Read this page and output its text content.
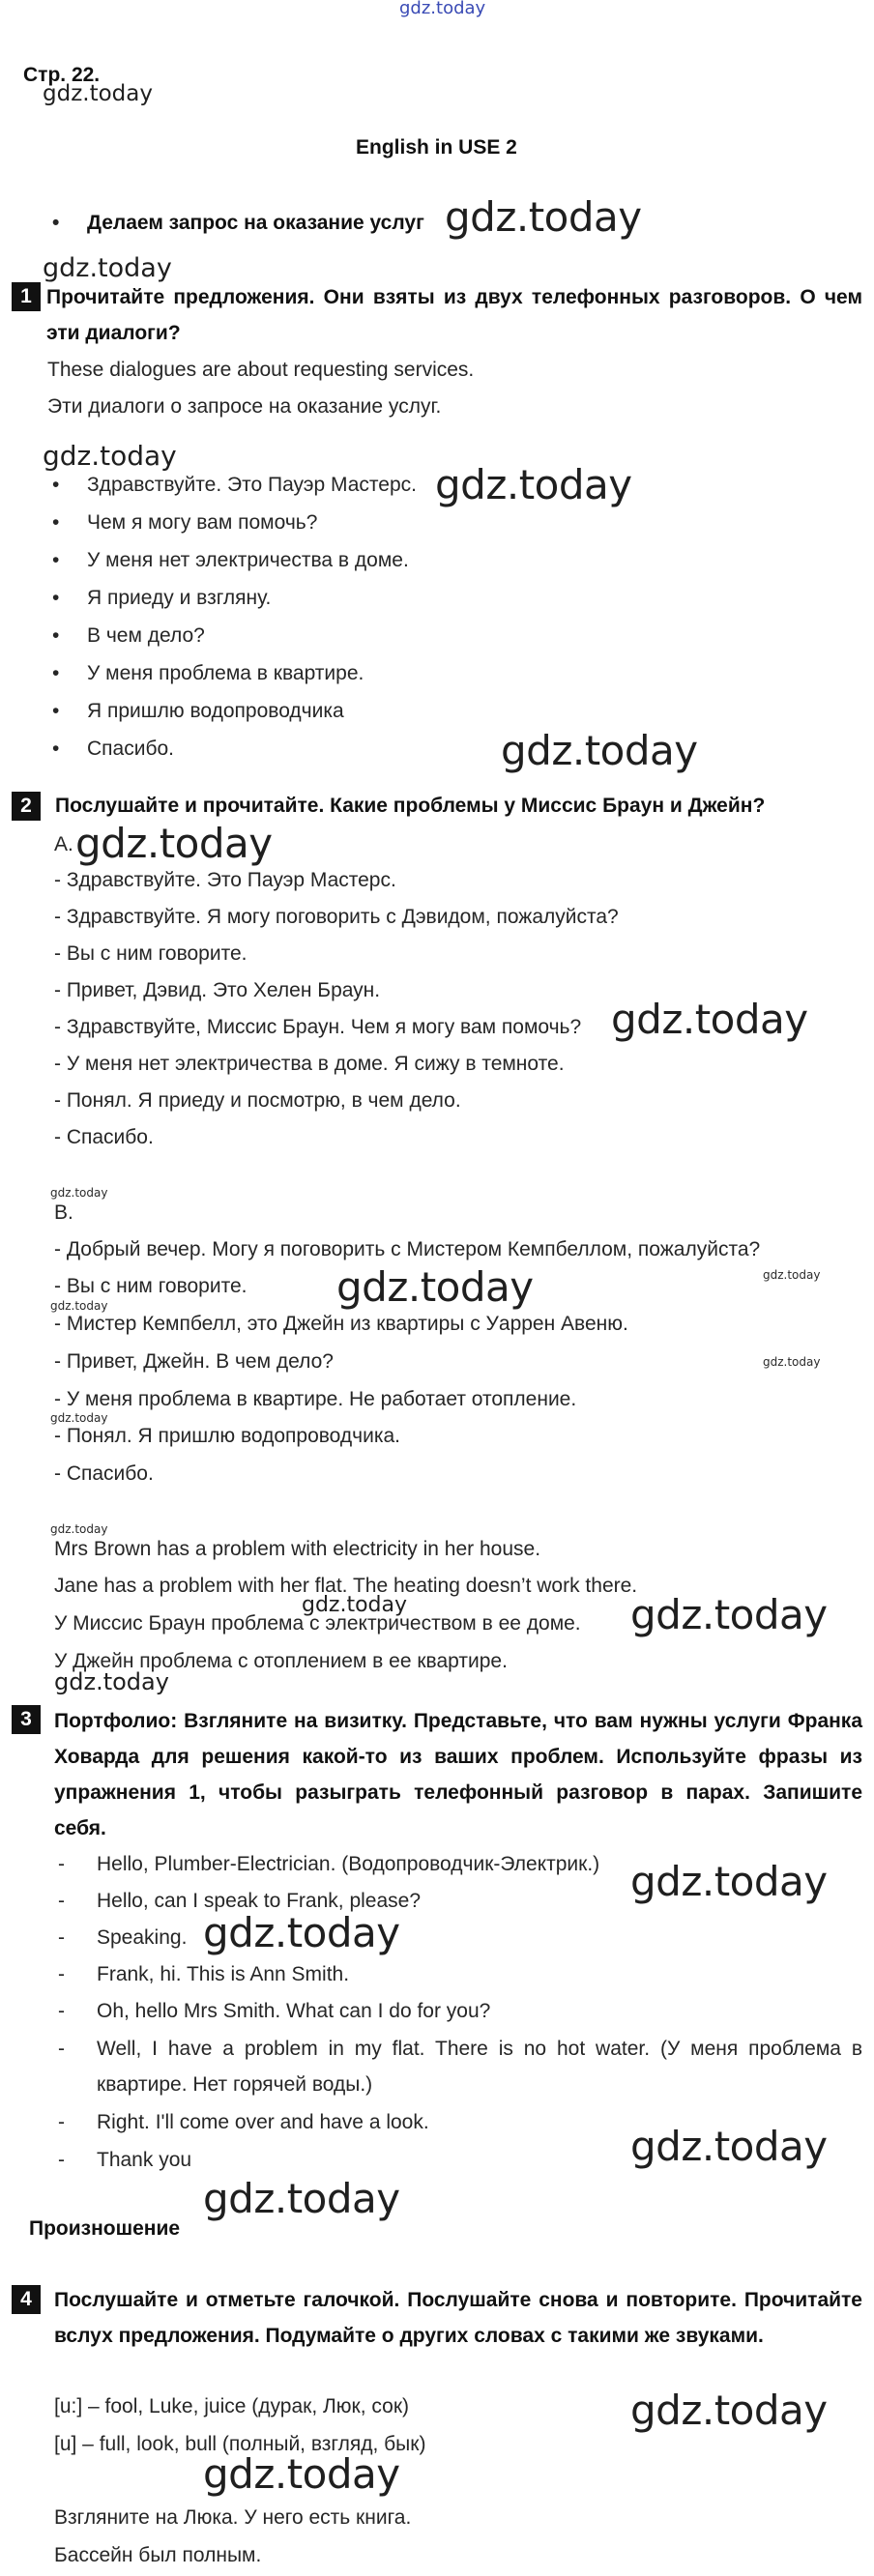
gdz.today
Стр. 22.
gdz.today
English in USE 2
• Делаем запрос на оказание услуг gdz.today
gdz.today
1 Прочитайте предложения. Они взяты из двух телефонных разговоров. О чем эти диалоги?
These dialogues are about requesting services.
Эти диалоги о запросе на оказание услуг.
gdz.today
• Здравствуйте. Это Пауэр Мастерс. gdz.today
• Чем я могу вам помочь?
• У меня нет электричества в доме.
• Я приеду и взгляну.
• В чем дело?
• У меня проблема в квартире.
• Я пришлю водопроводчика
• Спасибо.	gdz.today
2	Послушайте и прочитайте. Какие проблемы у Миссис Браун и Джейн?
A. gdz.today
- Здравствуйте. Это Пауэр Мастерс.
- Здравствуйте. Я могу поговорить с Дэвидом, пожалуйста?
- Вы с ним говорите.
- Привет, Дэвид. Это Хелен Браун.
- Здравствуйте, Миссис Браун. Чем я могу вам помочь? gdz.today
- У меня нет электричества в доме. Я сижу в темноте.
- Понял. Я приеду и посмотрю, в чем дело.
- Спасибо.
gdz.today
B.
- Добрый вечер. Могу я поговорить с Мистером Кемпбеллом, пожалуйста?
- Вы с ним говорите. gdz.today	gdz.today
gdz.today
- Мистер Кемпбелл, это Джейн из квартиры с Уаррен Авеню.
- Привет, Джейн. В чем дело?	gdz.today
- У меня проблема в квартире. Не работает отопление.
gdz.today
- Понял. Я пришлю водопроводчика.
- Спасибо.
gdz.today
Mrs Brown has a problem with electricity in her house.
Jane has a problem with her flat. The heating doesn’t work there.
gdz.today
У Миссис Браун проблема с электричеством в ее доме. gdz.today
У Джейн проблема с отоплением в ее квартире.
gdz.today
3	Портфолио: Взгляните на визитку. Представьте, что вам нужны услуги Франка Ховарда для решения какой-то из ваших проблем. Используйте фразы из упражнения 1, чтобы разыграть телефонный разговор в парах. Запишите себя.
- Hello, Plumber-Electrician. (Водопроводчик-Электрик.) gdz.today
- Hello, can I speak to Frank, please?
- Speaking. gdz.today
- Frank, hi. This is Ann Smith.
- Oh, hello Mrs Smith. What can I do for you?
- Well, I have a problem in my flat. There is no hot water. (У меня проблема в квартире. Нет горячей воды.)
- Right. I'll come over and have a look.
- Thank you	gdz.today
gdz.today
Произношение
4	Послушайте и отметьте галочкой. Послушайте снова и повторите. Прочитайте вслух предложения. Подумайте о других словах с такими же звуками.
[u:] – fool, Luke, juice (дурак, Люк, сок)	gdz.today
[u] – full, look, bull (полный, взгляд, бык)
gdz.today
Взгляните на Люка. У него есть книга.
Бассейн был полным.
